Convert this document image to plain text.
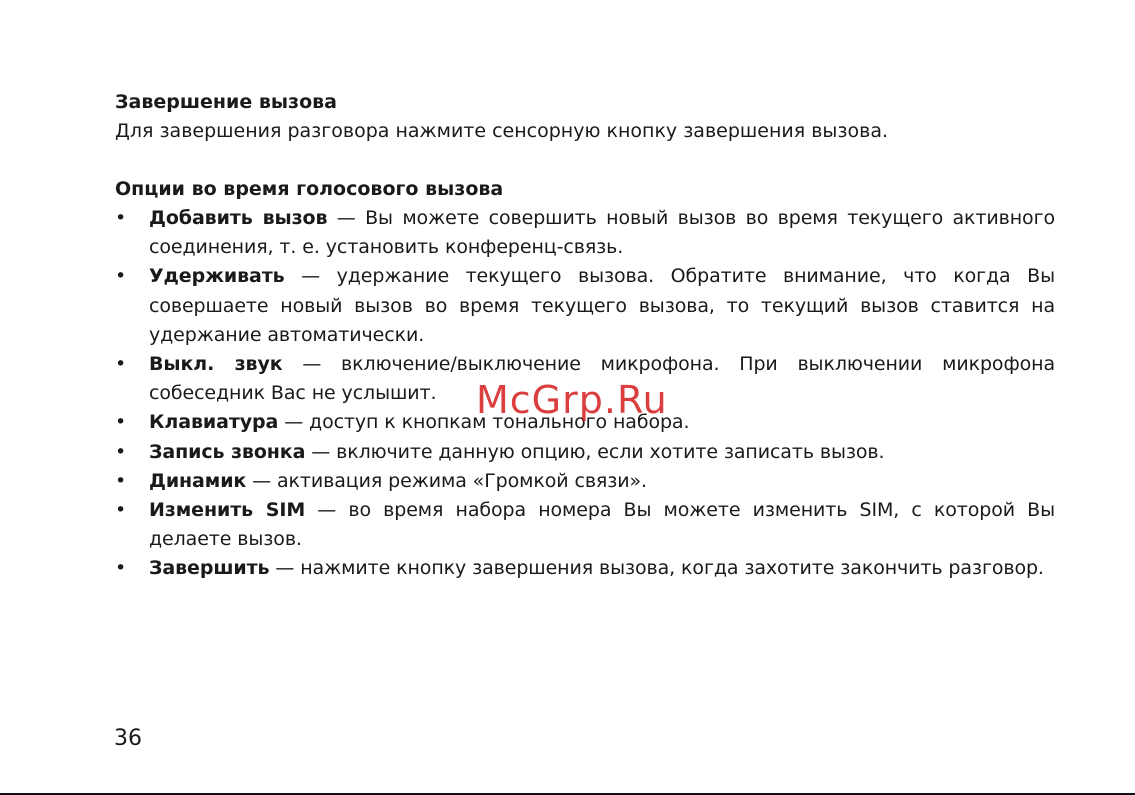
Завершение вызова

Для завершения разговора нажмите сенсорную кнопку завершения вызова.

Опции во время голосового вызова

• Добавить вызов — Вы можете совершить новый вызов во время текущего активного соединения, т. е. установить конференц-связь.
• Удерживать — удержание текущего вызова. Обратите внимание, что когда Вы совершаете новый вызов во время текущего вызова, то текущий вызов ставится на удержание автоматически.
• Выкл. звук — включение/выключение микрофона. При выключении микрофона собеседник Вас не услышит.
• Клавиатура — доступ к кнопкам тонального набора.
• Запись звонка — включите данную опцию, если хотите записать вызов.
• Динамик — активация режима «Громкой связи».
• Изменить SIM — во время набора номера Вы можете изменить SIM, с которой Вы делаете вызов.
• Завершить — нажмите кнопку завершения вызова, когда захотите закончить разговор.
McGrp.Ru
36
